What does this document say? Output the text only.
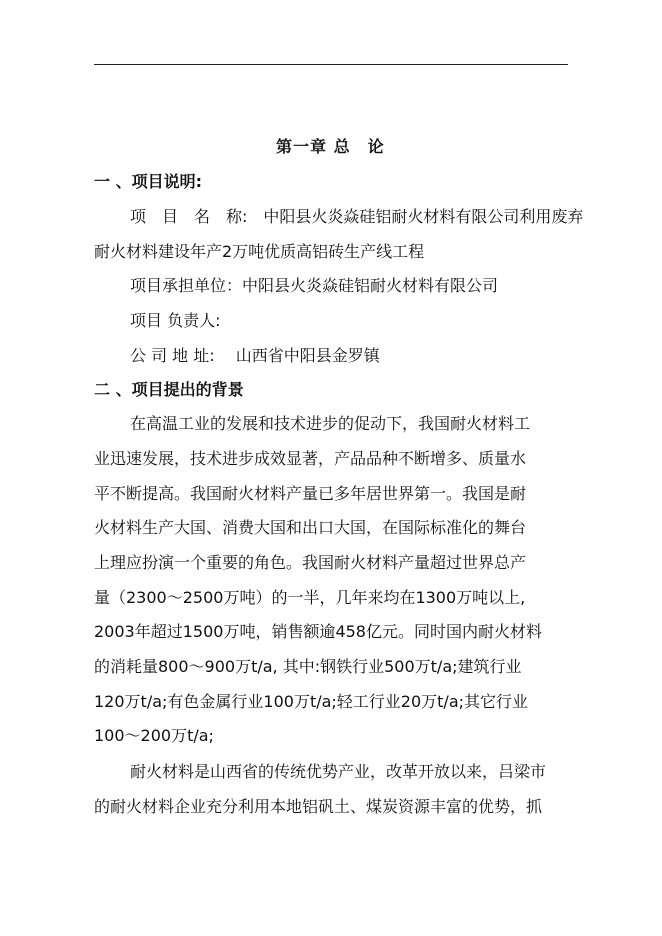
第一章 总　论
一 、项目说明:
项　目　名　称:　中阳县火炎焱硅铝耐火材料有限公司利用废弃
耐火材料建设年产2万吨优质高铝砖生产线工程
项目承担单位：中阳县火炎焱硅铝耐火材料有限公司
项目 负责人:
公 司 地 址:　 山西省中阳县金罗镇
二 、项目提出的背景
在高温工业的发展和技术进步的促动下，我国耐火材料工
业迅速发展，技术进步成效显著，产品品种不断增多、质量水
平不断提高。我国耐火材料产量已多年居世界第一。我国是耐
火材料生产大国、消费大国和出口大国，在国际标准化的舞台
上理应扮演一个重要的角色。我国耐火材料产量超过世界总产
量（2300～2500万吨）的一半，几年来均在1300万吨以上,
2003年超过1500万吨，销售额逾458亿元。同时国内耐火材料
的消耗量800～900万t/a, 其中:钢铁行业500万t/a;建筑行业
120万t/a;有色金属行业100万t/a;轻工行业20万t/a;其它行业
100～200万t/a;
耐火材料是山西省的传统优势产业，改革开放以来，吕梁市
的耐火材料企业充分利用本地铝矾土、煤炭资源丰富的优势，抓
